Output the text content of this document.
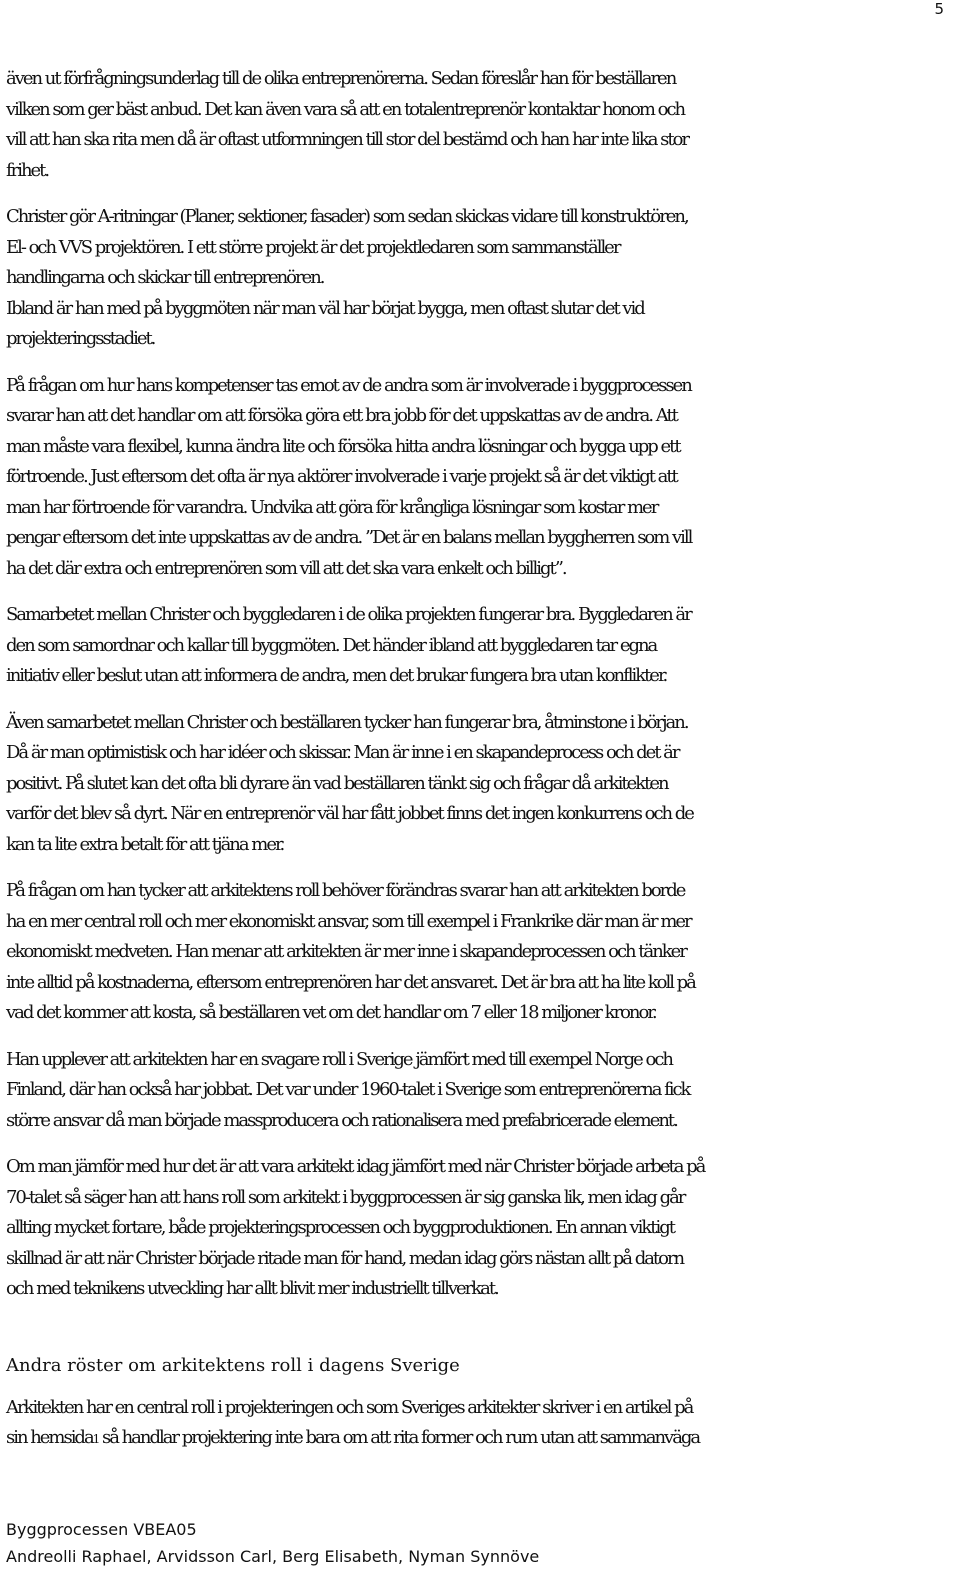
5

även ut förfrågningsunderlag till de olika entreprenörerna. Sedan föreslår han för beställaren
vilken som ger bäst anbud. Det kan även vara så att en totalentreprenör kontaktar honom och
vill att han ska rita men då är oftast utformningen till stor del bestämd och han har inte lika stor
frihet.

Christer gör A-ritningar (Planer, sektioner, fasader) som sedan skickas vidare till konstruktören,
El- och VVS projektören. I ett större projekt är det projektledaren som sammanställer
handlingarna och skickar till entreprenören.
Ibland är han med på byggmöten när man väl har börjat bygga, men oftast slutar det vid
projekteringsstadiet.

På frågan om hur hans kompetenser tas emot av de andra som är involverade i byggprocessen
svarar han att det handlar om att försöka göra ett bra jobb för det uppskattas av de andra. Att
man måste vara flexibel, kunna ändra lite och försöka hitta andra lösningar och bygga upp ett
förtroende. Just eftersom det ofta är nya aktörer involverade i varje projekt så är det viktigt att
man har förtroende för varandra. Undvika att göra för krångliga lösningar som kostar mer
pengar eftersom det inte uppskattas av de andra. ”Det är en balans mellan byggherren som vill
ha det där extra och entreprenören som vill att det ska vara enkelt och billigt”.

Samarbetet mellan Christer och byggledaren i de olika projekten fungerar bra. Byggledaren är
den som samordnar och kallar till byggmöten. Det händer ibland att byggledaren tar egna
initiativ eller beslut utan att informera de andra, men det brukar fungera bra utan konflikter.

Även samarbetet mellan Christer och beställaren tycker han fungerar bra, åtminstone i början.
Då är man optimistisk och har idéer och skissar. Man är inne i en skapandeprocess och det är
positivt. På slutet kan det ofta bli dyrare än vad beställaren tänkt sig och frågar då arkitekten
varför det blev så dyrt. När en entreprenör väl har fått jobbet finns det ingen konkurrens och de
kan ta lite extra betalt för att tjäna mer.

På frågan om han tycker att arkitektens roll behöver förändras svarar han att arkitekten borde
ha en mer central roll och mer ekonomiskt ansvar, som till exempel i Frankrike där man är mer
ekonomiskt medveten. Han menar att arkitekten är mer inne i skapandeprocessen och tänker
inte alltid på kostnaderna, eftersom entreprenören har det ansvaret. Det är bra att ha lite koll på
vad det kommer att kosta, så beställaren vet om det handlar om 7 eller 18 miljoner kronor.

Han upplever att arkitekten har en svagare roll i Sverige jämfört med till exempel Norge och
Finland, där han också har jobbat. Det var under 1960-talet i Sverige som entreprenörerna fick
större ansvar då man började massproducera och rationalisera med prefabricerade element.

Om man jämför med hur det är att vara arkitekt idag jämfört med när Christer började arbeta på
70-talet så säger han att hans roll som arkitekt i byggprocessen är sig ganska lik, men idag går
allting mycket fortare, både projekteringsprocessen och byggproduktionen. En annan viktigt
skillnad är att när Christer började ritade man för hand, medan idag görs nästan allt på datorn
och med teknikens utveckling har allt blivit mer industriellt tillverkat.

Andra röster om arkitektens roll i dagens Sverige

Arkitekten har en central roll i projekteringen och som Sveriges arkitekter skriver i en artikel på
sin hemsida1 så handlar projektering inte bara om att rita former och rum utan att sammanväga

Byggprocessen VBEA05
Andreolli Raphael, Arvidsson Carl, Berg Elisabeth, Nyman Synnöve
